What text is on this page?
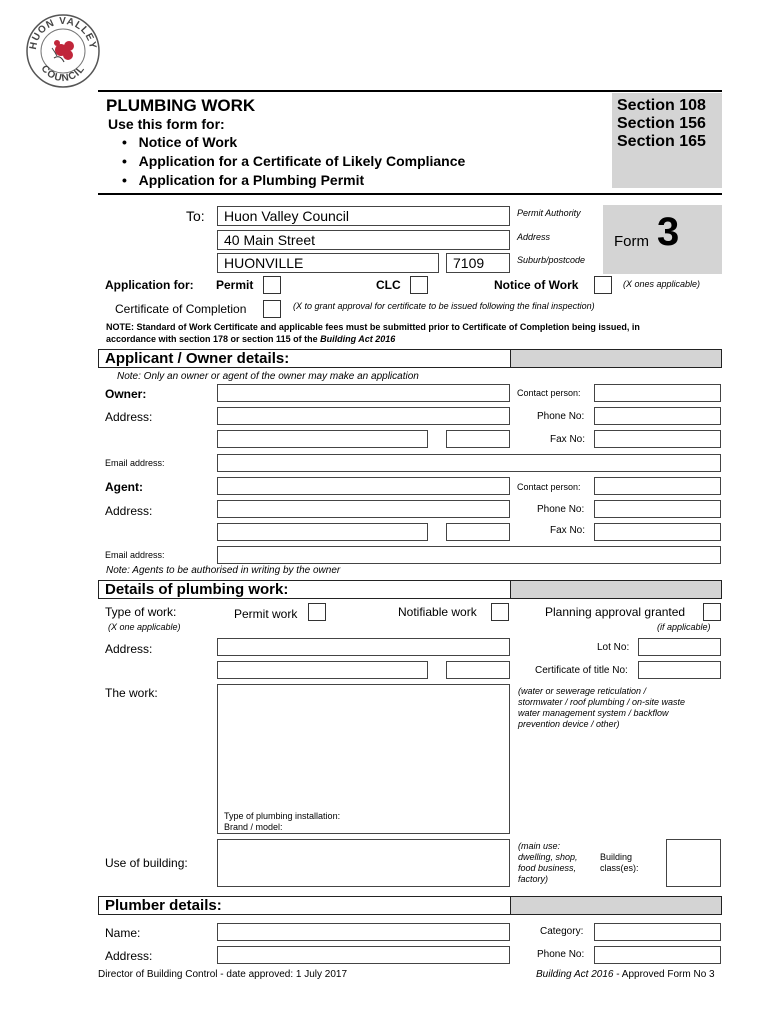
HUON VALLEY
COUNCIL
PLUMBING WORK
Use this form for:
•   Notice of Work
•   Application for a Certificate of Likely Compliance
•   Application for a Plumbing Permit
Section 108
Section 156
Section 165
To: Huon Valley Council
40 Main Street
HUONVILLE	7109
Permit Authority
Address
Suburb/postcode
Form 3
Application for: Permit	CLC	Notice of Work	(X ones applicable)
Certificate of Completion	(X to grant approval for certificate to be issued following the final inspection)
NOTE: Standard of Work Certificate and applicable fees must be submitted prior to Certificate of Completion being issued, in
accordance with section 178 or section 115 of the Building Act 2016
Applicant / Owner details:
Note: Only an owner or agent of the owner may make an application
Owner:	Contact person:
Address:	Phone No:
Fax No:
Email address:
Agent:	Contact person:
Address:	Phone No:
Fax No:
Email address:
Note: Agents to be authorised in writing by the owner
Details of plumbing work:
Type of work:
(X one applicable)
Permit work	Notifiable work	Planning approval granted
(if applicable)
Address:	Lot No:
Certificate of title No:
The work:
Type of plumbing installation:
Brand / model:
(water or sewerage reticulation /
stormwater / roof plumbing / on-site waste
water management system / backflow
prevention device / other)
Use of building:
(main use:
dwelling, shop,
food business,
factory)
Building
class(es):
Plumber details:
Name:	Category:
Address:	Phone No:
Director of Building Control - date approved: 1 July 2017	Building Act 2016 - Approved Form No 3
